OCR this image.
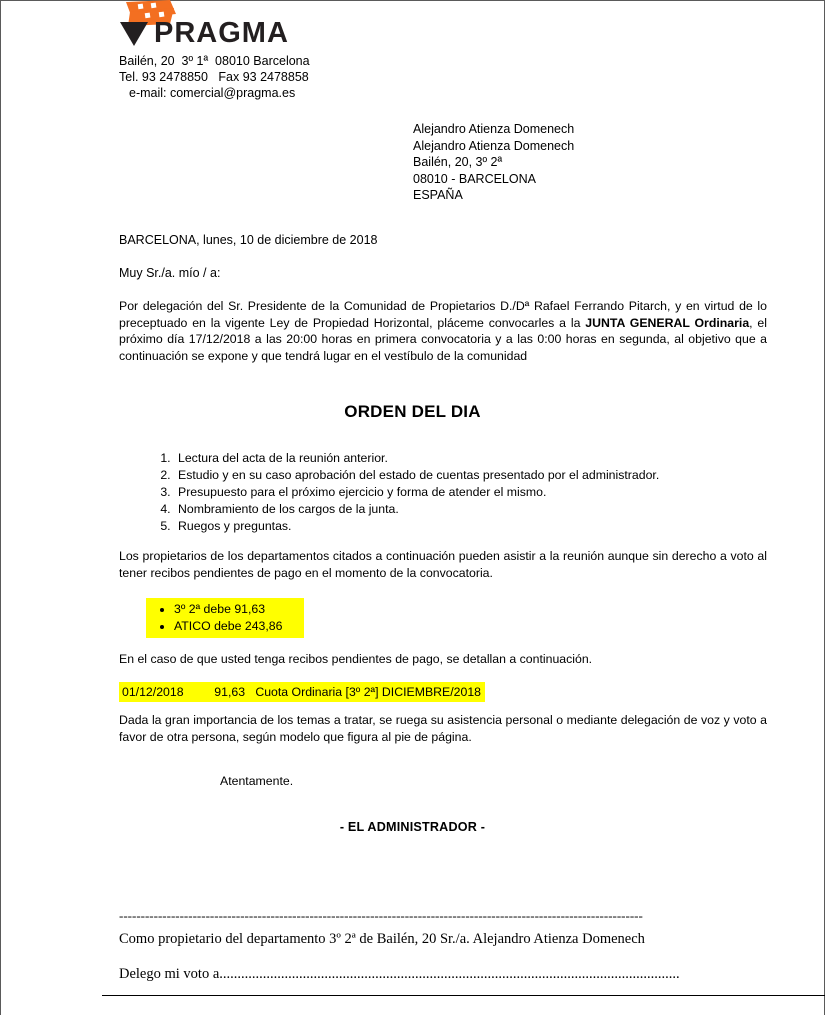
PRAGMA
Bailén, 20  3º 1ª  08010 Barcelona
Tel. 93 2478850   Fax 93 2478858
e-mail: comercial@pragma.es
Alejandro Atienza Domenech
Alejandro Atienza Domenech
Bailén, 20, 3º 2ª
08010 - BARCELONA
ESPAÑA
BARCELONA, lunes, 10 de diciembre de 2018
Muy Sr./a. mío / a:
Por delegación del Sr. Presidente de la Comunidad de Propietarios D./Dª Rafael Ferrando Pitarch, y en virtud de lo preceptuado en la vigente Ley de Propiedad Horizontal, pláceme convocarles a la JUNTA GENERAL Ordinaria, el próximo día 17/12/2018 a las 20:00 horas en primera convocatoria y a las 0:00 horas en segunda, al objetivo que a continuación se expone y que tendrá lugar en el vestíbulo de la comunidad
ORDEN DEL DIA
1. Lectura del acta de la reunión anterior.
2. Estudio y en su caso aprobación del estado de cuentas presentado por el administrador.
3. Presupuesto para el próximo ejercicio y forma de atender el mismo.
4. Nombramiento de los cargos de la junta.
5. Ruegos y preguntas.
Los propietarios de los departamentos citados a continuación pueden asistir a la reunión aunque sin derecho a voto al tener recibos pendientes de pago en el momento de la convocatoria.
• 3º 2ª debe 91,63
• ATICO debe 243,86
En el caso de que usted tenga recibos pendientes de pago, se detallan a continuación.
01/12/2018         91,63   Cuota Ordinaria [3º 2ª] DICIEMBRE/2018
Dada la gran importancia de los temas a tratar, se ruega su asistencia personal o mediante delegación de voz y voto a favor de otra persona, según modelo que figura al pie de página.
Atentamente.
- EL ADMINISTRADOR -
-------------------------------------------------------------------------------------------------------------------------
Como propietario del departamento 3º 2ª de Bailén, 20 Sr./a. Alejandro Atienza Domenech
Delego mi voto a...............................................................................................................................
